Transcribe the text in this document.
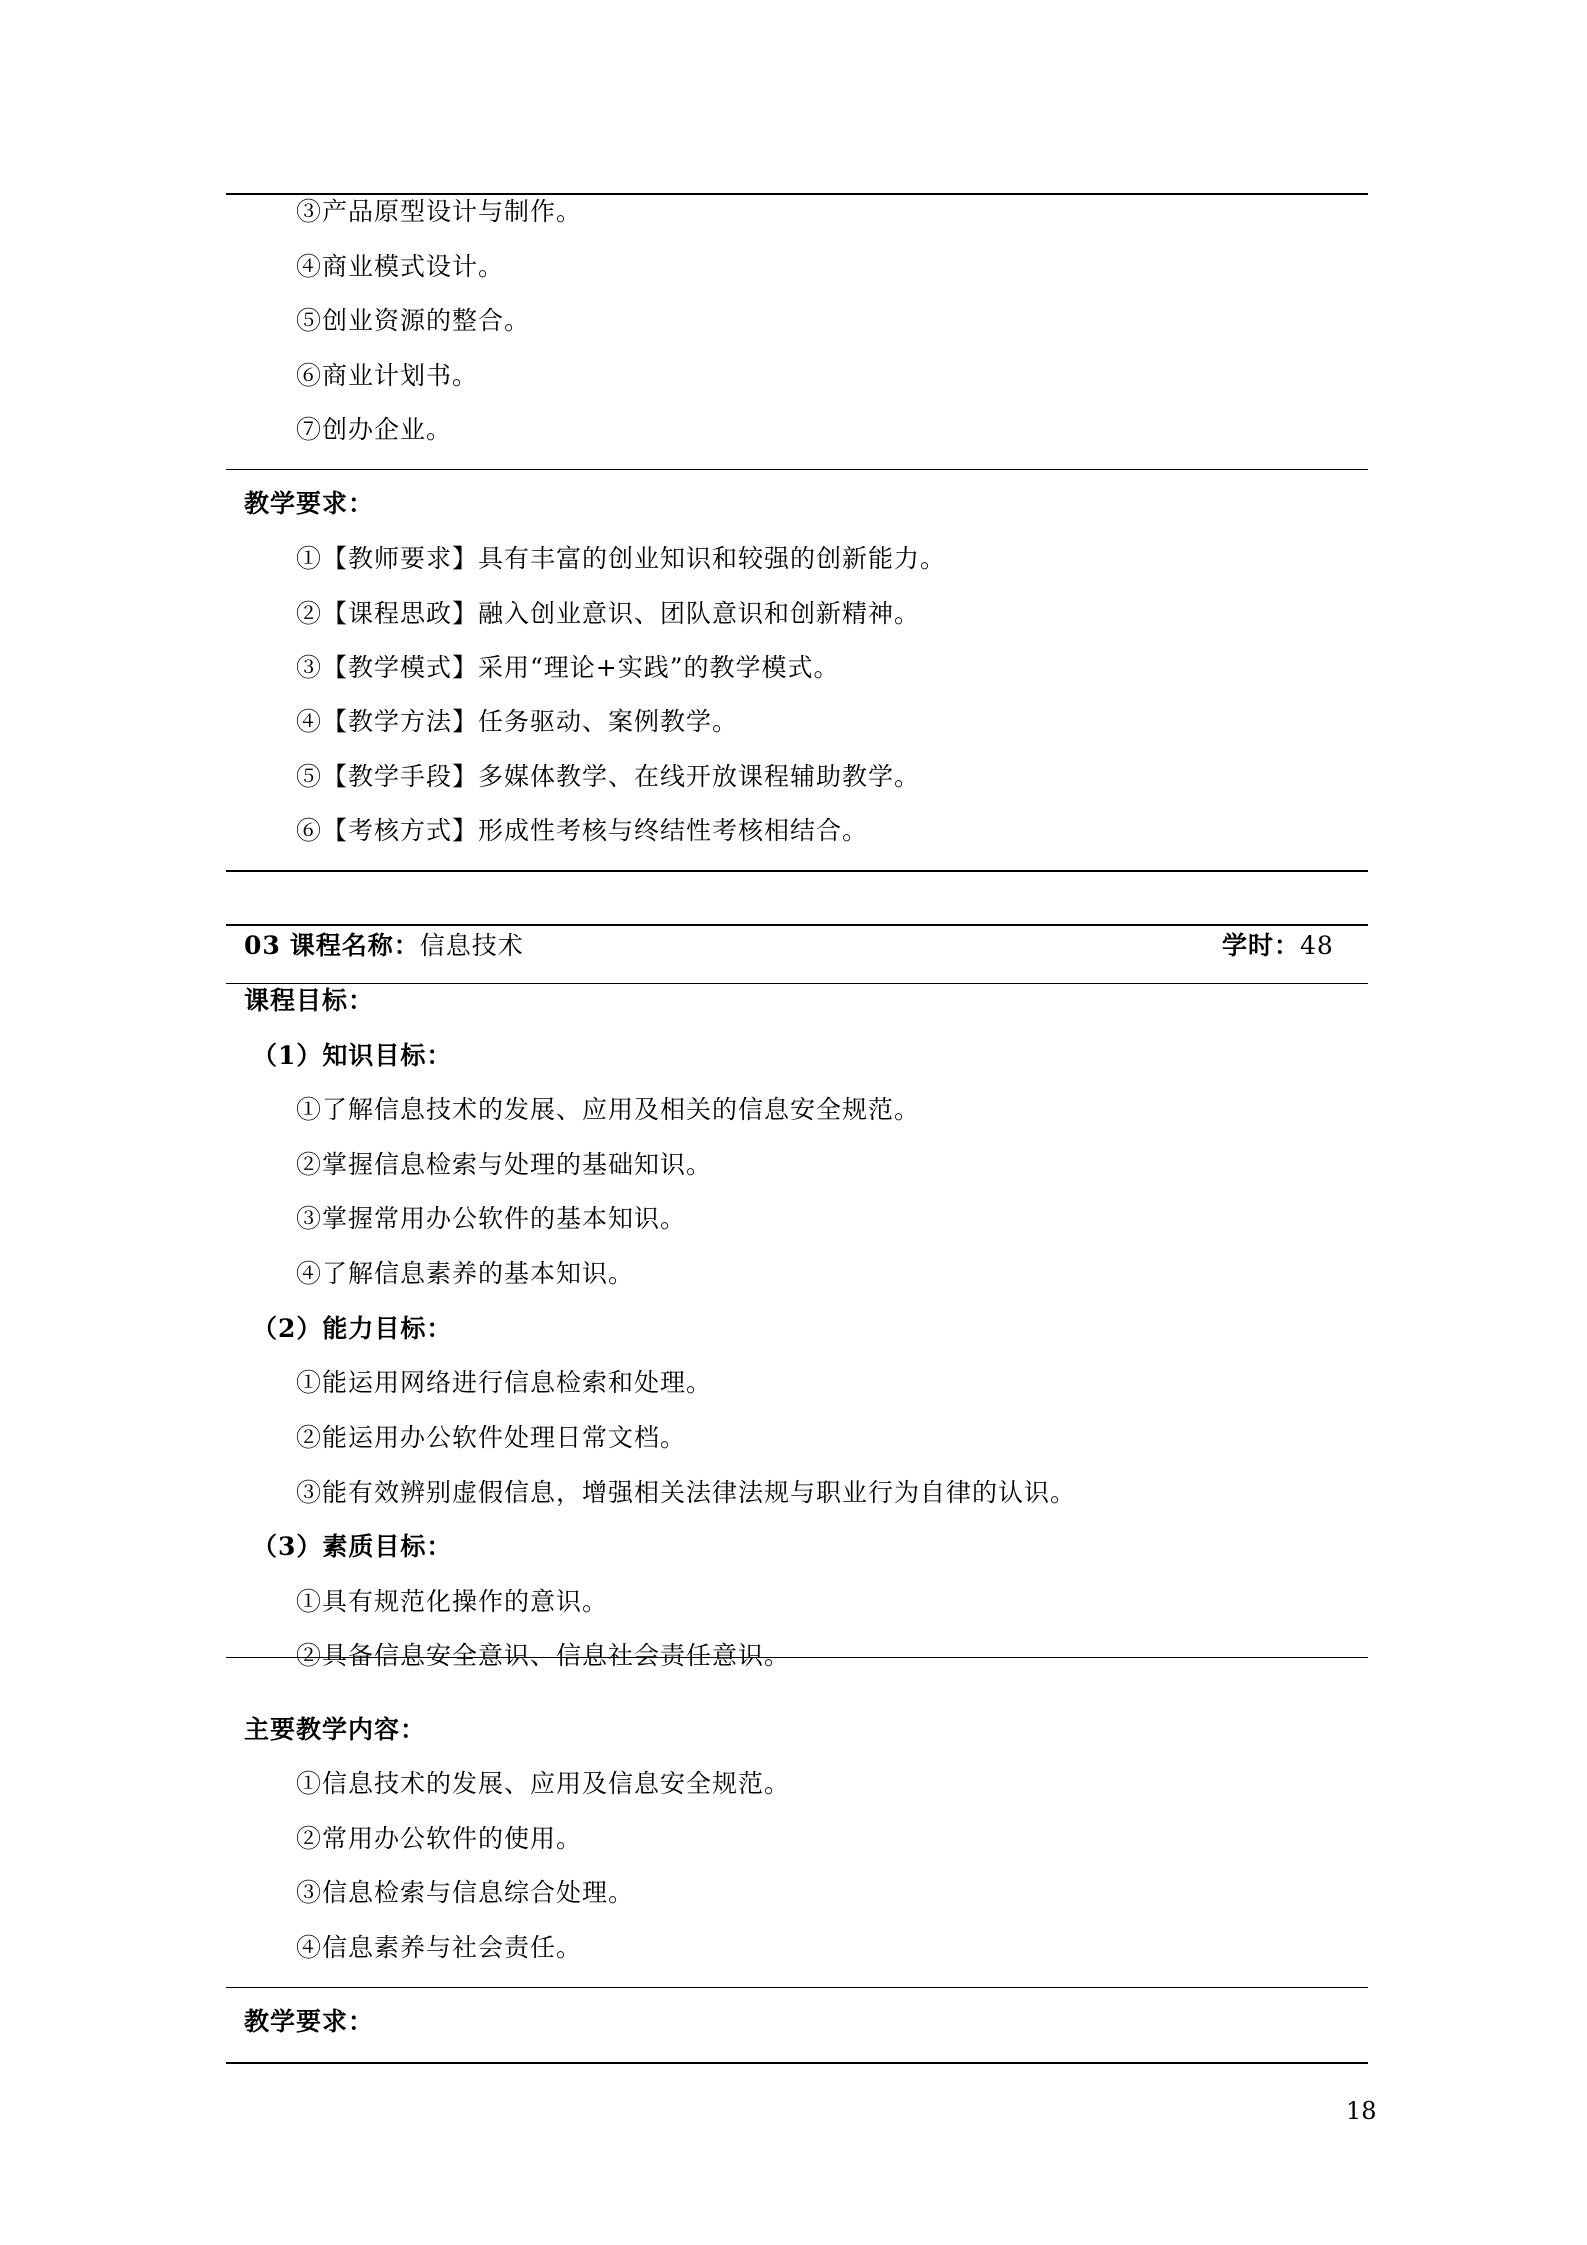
③产品原型设计与制作。
④商业模式设计。
⑤创业资源的整合。
⑥商业计划书。
⑦创办企业。
教学要求：
①【教师要求】具有丰富的创业知识和较强的创新能力。
②【课程思政】融入创业意识、团队意识和创新精神。
③【教学模式】采用“理论+实践”的教学模式。
④【教学方法】任务驱动、案例教学。
⑤【教学手段】多媒体教学、在线开放课程辅助教学。
⑥【考核方式】形成性考核与终结性考核相结合。
03 课程名称：信息技术	学时：48
课程目标：
（1）知识目标：
①了解信息技术的发展、应用及相关的信息安全规范。
②掌握信息检索与处理的基础知识。
③掌握常用办公软件的基本知识。
④了解信息素养的基本知识。
（2）能力目标：
①能运用网络进行信息检索和处理。
②能运用办公软件处理日常文档。
③能有效辨别虚假信息，增强相关法律法规与职业行为自律的认识。
（3）素质目标：
①具有规范化操作的意识。
②具备信息安全意识、信息社会责任意识。
主要教学内容：
①信息技术的发展、应用及信息安全规范。
②常用办公软件的使用。
③信息检索与信息综合处理。
④信息素养与社会责任。
教学要求：
18
